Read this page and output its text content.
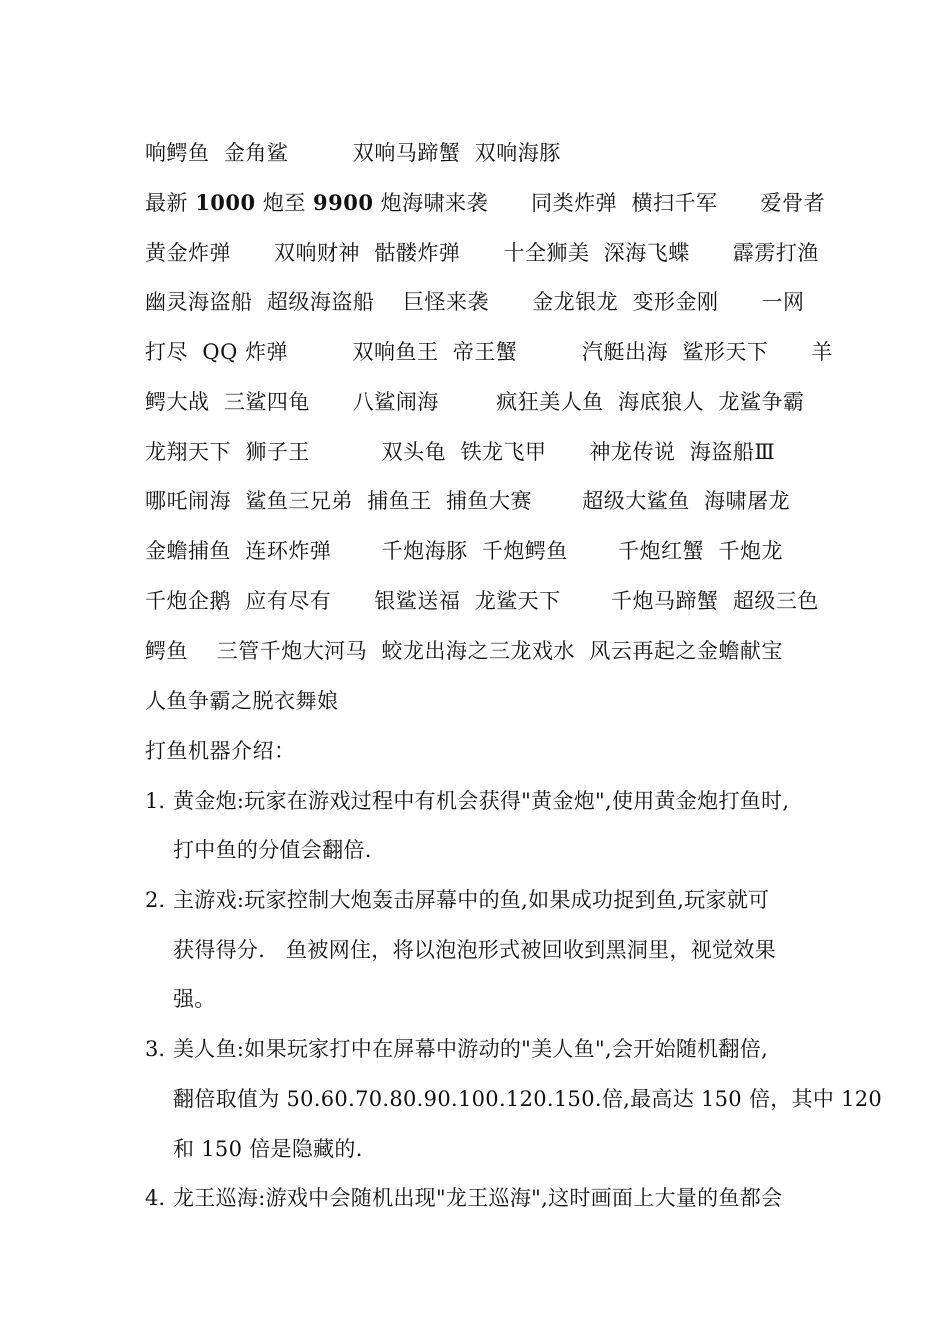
响鳄鱼  金角鲨         双响马蹄蟹  双响海豚
最新 1000 炮至 9900 炮海啸来袭      同类炸弹  横扫千军      爱骨者
黄金炸弹      双响财神  骷髅炸弹      十全狮美  深海飞蝶      霹雳打渔
幽灵海盗船  超级海盗船    巨怪来袭      金龙银龙  变形金刚      一网
打尽  QQ 炸弹         双响鱼王  帝王蟹         汽艇出海  鲨形天下      羊
鳄大战  三鲨四龟      八鲨闹海        疯狂美人鱼  海底狼人  龙鲨争霸
龙翔天下  狮子王          双头龟  铁龙飞甲      神龙传说  海盗船Ⅲ
哪吒闹海  鲨鱼三兄弟  捕鱼王  捕鱼大赛       超级大鲨鱼  海啸屠龙
金蟾捕鱼  连环炸弹       千炮海豚  千炮鳄鱼       千炮红蟹  千炮龙
千炮企鹅  应有尽有      银鲨送福  龙鲨天下       千炮马蹄蟹  超级三色
鳄鱼    三管千炮大河马  蛟龙出海之三龙戏水  风云再起之金蟾献宝
人鱼争霸之脱衣舞娘
打鱼机器介绍：
1. 黄金炮:玩家在游戏过程中有机会获得"黄金炮",使用黄金炮打鱼时,
打中鱼的分值会翻倍.
2. 主游戏:玩家控制大炮轰击屏幕中的鱼,如果成功捉到鱼,玩家就可
获得得分.   鱼被网住，将以泡泡形式被回收到黑洞里，视觉效果
强。
3. 美人鱼:如果玩家打中在屏幕中游动的"美人鱼",会开始随机翻倍,
翻倍取值为 50.60.70.80.90.100.120.150.倍,最高达 150 倍，其中 120
和 150 倍是隐藏的.
4. 龙王巡海:游戏中会随机出现"龙王巡海",这时画面上大量的鱼都会
